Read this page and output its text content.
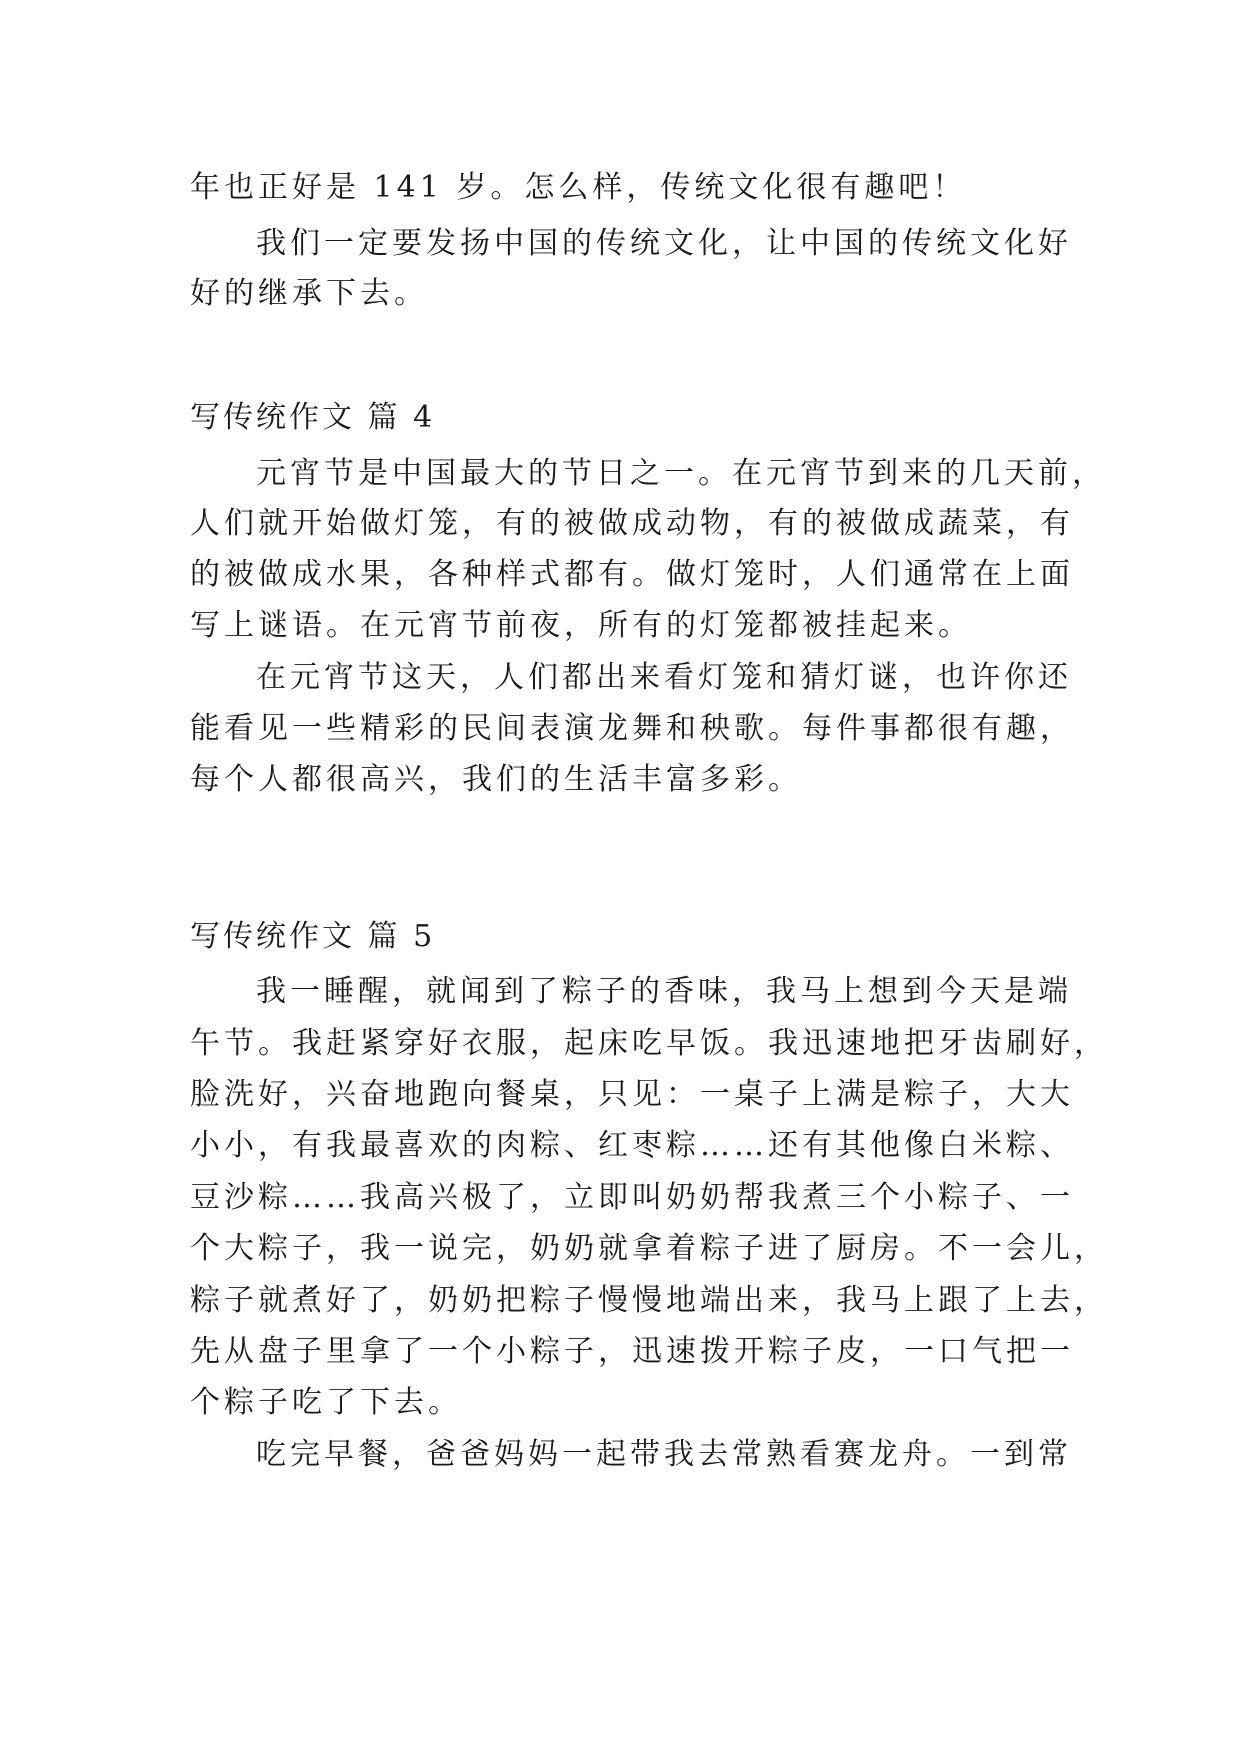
年也正好是 141 岁。怎么样，传统文化很有趣吧！
我们一定要发扬中国的传统文化，让中国的传统文化好
好的继承下去。
写传统作文 篇 4
元宵节是中国最大的节日之一。在元宵节到来的几天前，
人们就开始做灯笼，有的被做成动物，有的被做成蔬菜，有
的被做成水果，各种样式都有。做灯笼时，人们通常在上面
写上谜语。在元宵节前夜，所有的灯笼都被挂起来。
在元宵节这天，人们都出来看灯笼和猜灯谜，也许你还
能看见一些精彩的民间表演龙舞和秧歌。每件事都很有趣，
每个人都很高兴，我们的生活丰富多彩。
写传统作文 篇 5
我一睡醒，就闻到了粽子的香味，我马上想到今天是端
午节。我赶紧穿好衣服，起床吃早饭。我迅速地把牙齿刷好，
脸洗好，兴奋地跑向餐桌，只见：一桌子上满是粽子，大大
小小，有我最喜欢的肉粽、红枣粽……还有其他像白米粽、
豆沙粽……我高兴极了，立即叫奶奶帮我煮三个小粽子、一
个大粽子，我一说完，奶奶就拿着粽子进了厨房。不一会儿，
粽子就煮好了，奶奶把粽子慢慢地端出来，我马上跟了上去，
先从盘子里拿了一个小粽子，迅速拨开粽子皮，一口气把一
个粽子吃了下去。
吃完早餐，爸爸妈妈一起带我去常熟看赛龙舟。一到常
